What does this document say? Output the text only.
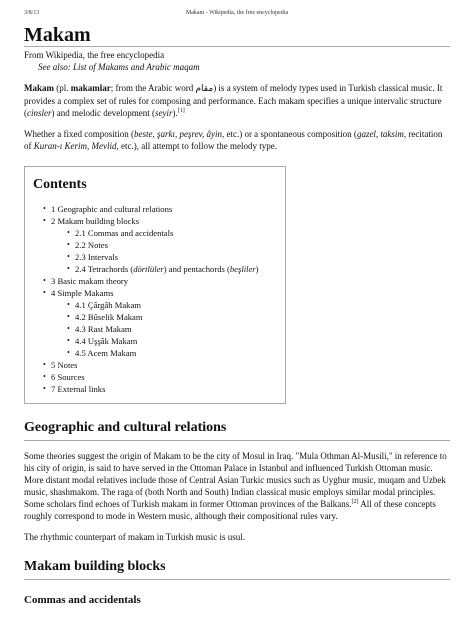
3/8/13	Makam - Wikipedia, the free encyclopedia
Makam
From Wikipedia, the free encyclopedia
See also: List of Makams and Arabic maqam

Makam (pl. makamlar; from the Arabic word مقام) is a system of melody types used in Turkish classical music. It provides a complex set of rules for composing and performance. Each makam specifies a unique intervalic structure (cinsler) and melodic development (seyir).[1]

Whether a fixed composition (beste, şarkı, peşrev, âyin, etc.) or a spontaneous composition (gazel, taksim, recitation of Kuran-ı Kerim, Mevlid, etc.), all attempt to follow the melody type.

Contents
• 1 Geographic and cultural relations
• 2 Makam building blocks
• 2.1 Commas and accidentals
• 2.2 Notes
• 2.3 Intervals
• 2.4 Tetrachords (dörtlüler) and pentachords (beşliler)
• 3 Basic makam theory
• 4 Simple Makams
• 4.1 Çârgâh Makam
• 4.2 Bûselik Makam
• 4.3 Rast Makam
• 4.4 Uşşâk Makam
• 4.5 Acem Makam
• 5 Notes
• 6 Sources
• 7 External links
Geographic and cultural relations

Some theories suggest the origin of Makam to be the city of Mosul in Iraq. "Mula Othman Al-Musili," in reference to his city of origin, is said to have served in the Ottoman Palace in Istanbul and influenced Turkish Ottoman music. More distant modal relatives include those of Central Asian Turkic musics such as Uyghur music, muqam and Uzbek music, shashmakom. The raga of (both North and South) Indian classical music employs similar modal principles. Some scholars find echoes of Turkish makam in former Ottoman provinces of the Balkans.[2] All of these concepts roughly correspond to mode in Western music, although their compositional rules vary.

The rhythmic counterpart of makam in Turkish music is usul.

Makam building blocks
Commas and accidentals
